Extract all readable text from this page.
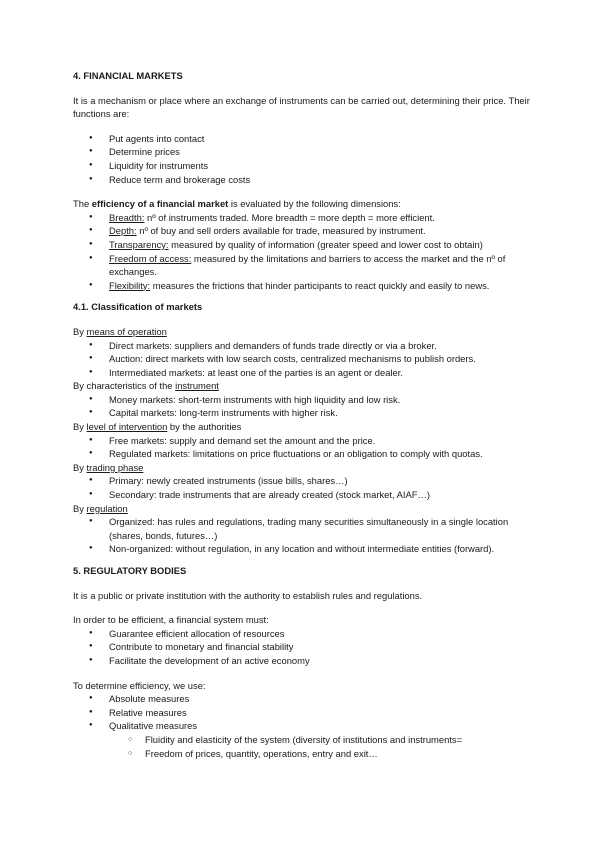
4. FINANCIAL MARKETS

It is a mechanism or place where an exchange of instruments can be carried out, determining their price. Their functions are:

● Put agents into contact
● Determine prices
● Liquidity for instruments
● Reduce term and brokerage costs

The efficiency of a financial market is evaluated by the following dimensions:

● Breadth: nº of instruments traded. More breadth = more depth = more efficient.
● Depth: nº of buy and sell orders available for trade, measured by instrument.
● Transparency: measured by quality of information (greater speed and lower cost to obtain)
● Freedom of access: measured by the limitations and barriers to access the market and the nº of exchanges.
● Flexibility: measures the frictions that hinder participants to react quickly and easily to news.

4.1. Classification of markets

By means of operation

● Direct markets: suppliers and demanders of funds trade directly or via a broker.
● Auction: direct markets with low search costs, centralized mechanisms to publish orders.
● Intermediated markets: at least one of the parties is an agent or dealer.

By characteristics of the instrument

● Money markets: short-term instruments with high liquidity and low risk.
● Capital markets: long-term instruments with higher risk.

By level of intervention by the authorities

● Free markets: supply and demand set the amount and the price.
● Regulated markets: limitations on price fluctuations or an obligation to comply with quotas.

By trading phase

● Primary: newly created instruments (issue bills, shares…)
● Secondary: trade instruments that are already created (stock market, AIAF…)

By regulation

● Organized: has rules and regulations, trading many securities simultaneously in a single location (shares, bonds, futures…)
● Non-organized: without regulation, in any location and without intermediate entities (forward).

5. REGULATORY BODIES

It is a public or private institution with the authority to establish rules and regulations.

In order to be efficient, a financial system must:

● Guarantee efficient allocation of resources
● Contribute to monetary and financial stability
● Facilitate the development of an active economy

To determine efficiency, we use:

● Absolute measures
● Relative measures
● Qualitative measures
○ Fluidity and elasticity of the system (diversity of institutions and instruments=
○ Freedom of prices, quantity, operations, entry and exit…
